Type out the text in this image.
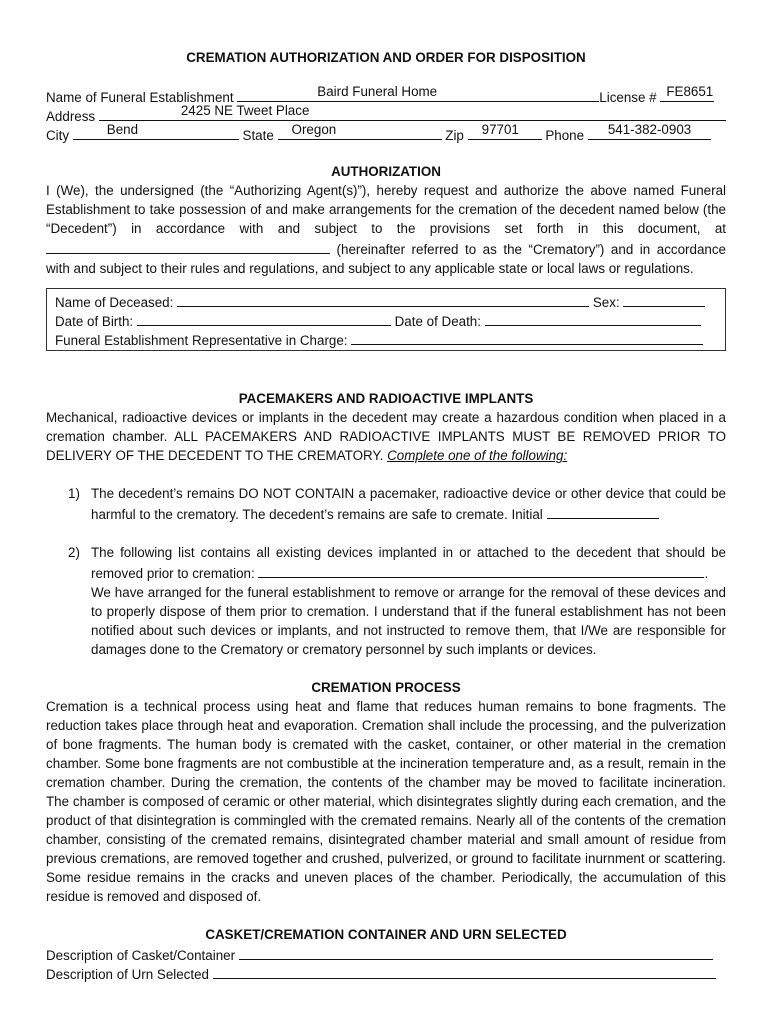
CREMATION AUTHORIZATION AND ORDER FOR DISPOSITION
Name of Funeral Establishment	Baird Funeral Home	License # FE8651
Address	2425 NE Tweet Place
City	Bend	State Oregon	Zip 97701 Phone 541-382-0903
AUTHORIZATION

I (We), the undersigned (the “Authorizing Agent(s)”), hereby request and authorize the above named Funeral Establishment to take possession of and make arrangements for the cremation of the decedent named below (the “Decedent”) in accordance with and subject to the provisions set forth in this document, at  (hereinafter referred to as the “Crematory”) and in accordance with and subject to their rules and regulations, and subject to any applicable state or local laws or regulations.

Name of Deceased:	Sex:
Date of Birth:	Date of Death:
Funeral Establishment Representative in Charge:
PACEMAKERS AND RADIOACTIVE IMPLANTS

Mechanical, radioactive devices or implants in the decedent may create a hazardous condition when placed in a cremation chamber. ALL PACEMAKERS AND RADIOACTIVE IMPLANTS MUST BE REMOVED PRIOR TO DELIVERY OF THE DECEDENT TO THE CREMATORY. Complete one of the following:

1) The decedent’s remains DO NOT CONTAIN a pacemaker, radioactive device or other device that could be harmful to the crematory. The decedent’s remains are safe to cremate. Initial
2) The following list contains all existing devices implanted in or attached to the decedent that should be removed prior to cremation:	.
We have arranged for the funeral establishment to remove or arrange for the removal of these devices and to properly dispose of them prior to cremation. I understand that if the funeral establishment has not been notified about such devices or implants, and not instructed to remove them, that I/We are responsible for damages done to the Crematory or crematory personnel by such implants or devices.
CREMATION PROCESS

Cremation is a technical process using heat and flame that reduces human remains to bone fragments. The reduction takes place through heat and evaporation. Cremation shall include the processing, and the pulverization of bone fragments. The human body is cremated with the casket, container, or other material in the cremation chamber. Some bone fragments are not combustible at the incineration temperature and, as a result, remain in the cremation chamber. During the cremation, the contents of the chamber may be moved to facilitate incineration. The chamber is composed of ceramic or other material, which disintegrates slightly during each cremation, and the product of that disintegration is commingled with the cremated remains. Nearly all of the contents of the cremation chamber, consisting of the cremated remains, disintegrated chamber material and small amount of residue from previous cremations, are removed together and crushed, pulverized, or ground to facilitate inurnment or scattering. Some residue remains in the cracks and uneven places of the chamber. Periodically, the accumulation of this residue is removed and disposed of.

CASKET/CREMATION CONTAINER AND URN SELECTED
Description of Casket/Container
Description of Urn Selected
